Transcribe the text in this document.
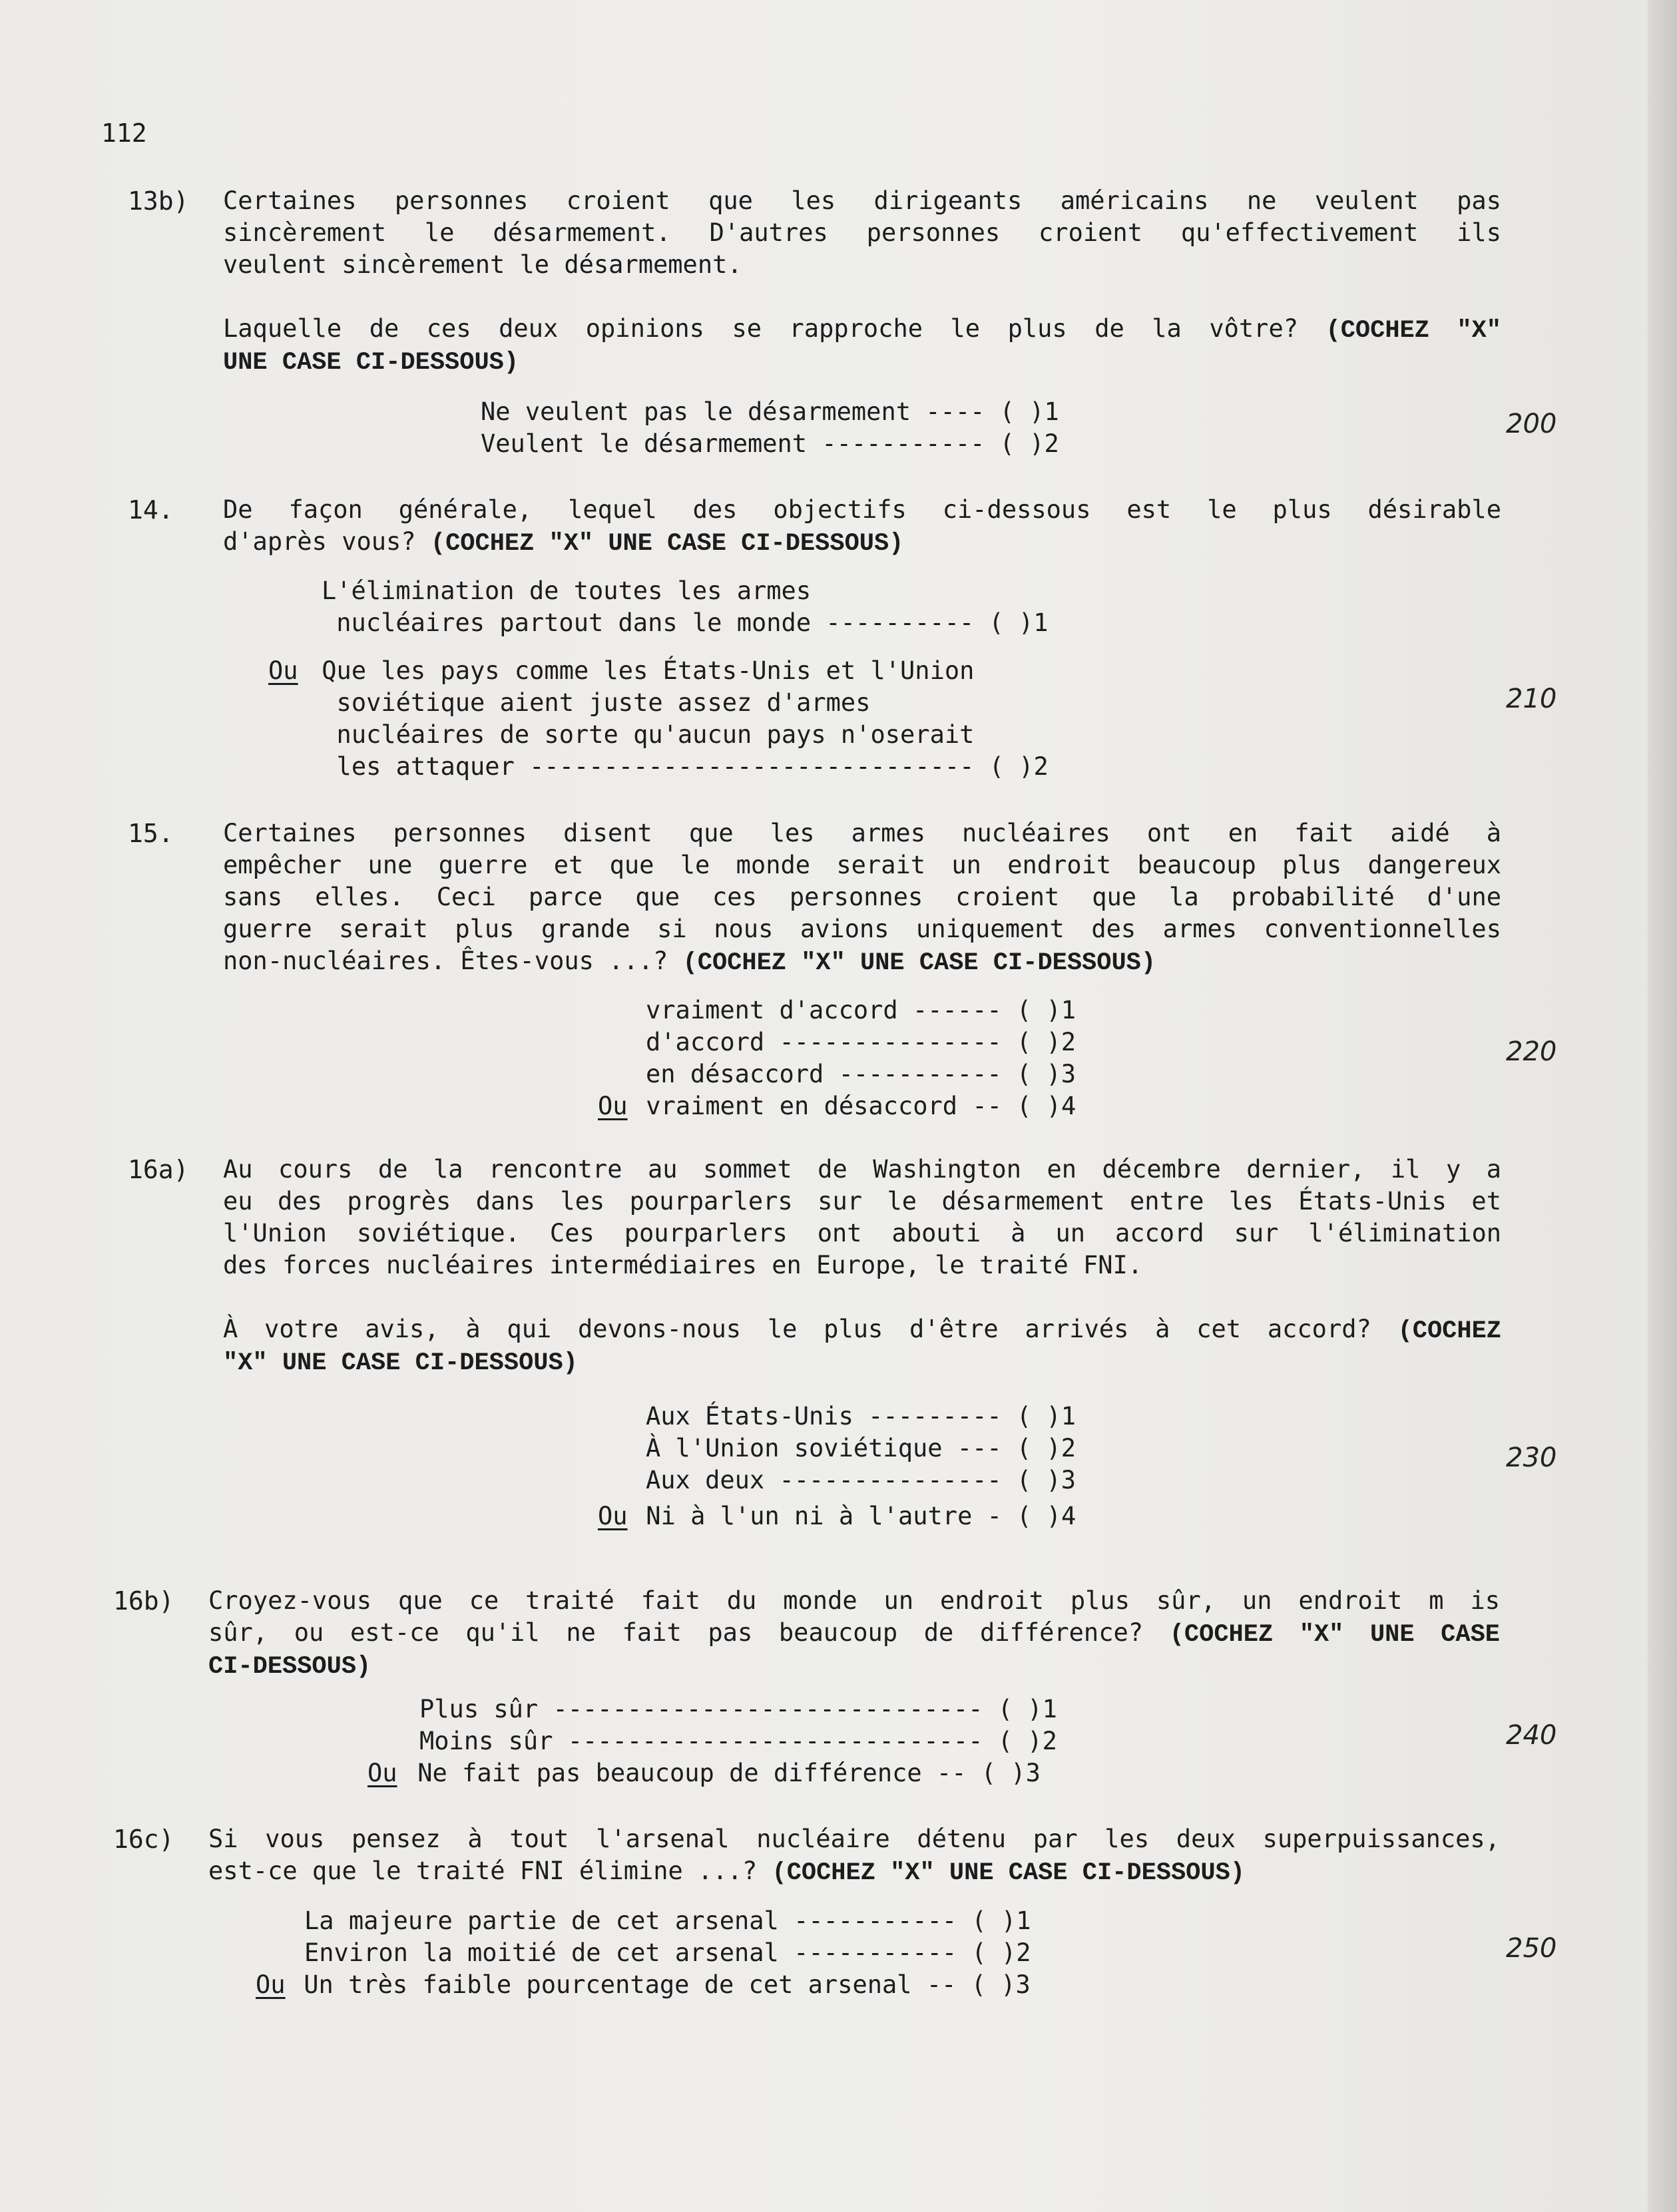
112
13b) Certaines personnes croient que les dirigeants américains ne veulent pas
sincèrement le désarmement. D'autres personnes croient qu'effectivement ils
veulent sincèrement le désarmement.
Laquelle de ces deux opinions se rapproche le plus de la vôtre? (COCHEZ "X"
UNE CASE CI-DESSOUS)
Ne veulent pas le désarmement ---- ( )1
Veulent le désarmement ----------- ( )2
200
14. De façon générale, lequel des objectifs ci-dessous est le plus désirable
d'après vous? (COCHEZ "X" UNE CASE CI-DESSOUS)
L'élimination de toutes les armes
nucléaires partout dans le monde ---------- ( )1
Ou Que les pays comme les États-Unis et l'Union
soviétique aient juste assez d'armes
nucléaires de sorte qu'aucun pays n'oserait
les attaquer ------------------------------ ( )2
210
15. Certaines personnes disent que les armes nucléaires ont en fait aidé à
empêcher une guerre et que le monde serait un endroit beaucoup plus dangereux
sans elles. Ceci parce que ces personnes croient que la probabilité d'une
guerre serait plus grande si nous avions uniquement des armes conventionnelles
non-nucléaires. Êtes-vous ...? (COCHEZ "X" UNE CASE CI-DESSOUS)
vraiment d'accord ------ ( )1
d'accord --------------- ( )2
en désaccord ----------- ( )3
Ou vraiment en désaccord -- ( )4
220
16a) Au cours de la rencontre au sommet de Washington en décembre dernier, il y a
eu des progrès dans les pourparlers sur le désarmement entre les États-Unis et
l'Union soviétique. Ces pourparlers ont abouti à un accord sur l'élimination
des forces nucléaires intermédiaires en Europe, le traité FNI.
À votre avis, à qui devons-nous le plus d'être arrivés à cet accord? (COCHEZ
"X" UNE CASE CI-DESSOUS)
Aux États-Unis --------- ( )1
À l'Union soviétique --- ( )2
Aux deux --------------- ( )3
Ou Ni à l'un ni à l'autre - ( )4
230
16b) Croyez-vous que ce traité fait du monde un endroit plus sûr, un endroit m is
sûr, ou est-ce qu'il ne fait pas beaucoup de différence? (COCHEZ "X" UNE CASE
CI-DESSOUS)
Plus sûr ----------------------------- ( )1
Moins sûr ---------------------------- ( )2
Ou Ne fait pas beaucoup de différence -- ( )3
240
16c) Si vous pensez à tout l'arsenal nucléaire détenu par les deux superpuissances,
est-ce que le traité FNI élimine ...? (COCHEZ "X" UNE CASE CI-DESSOUS)
La majeure partie de cet arsenal ----------- ( )1
Environ la moitié de cet arsenal ----------- ( )2
Ou Un très faible pourcentage de cet arsenal -- ( )3
250
